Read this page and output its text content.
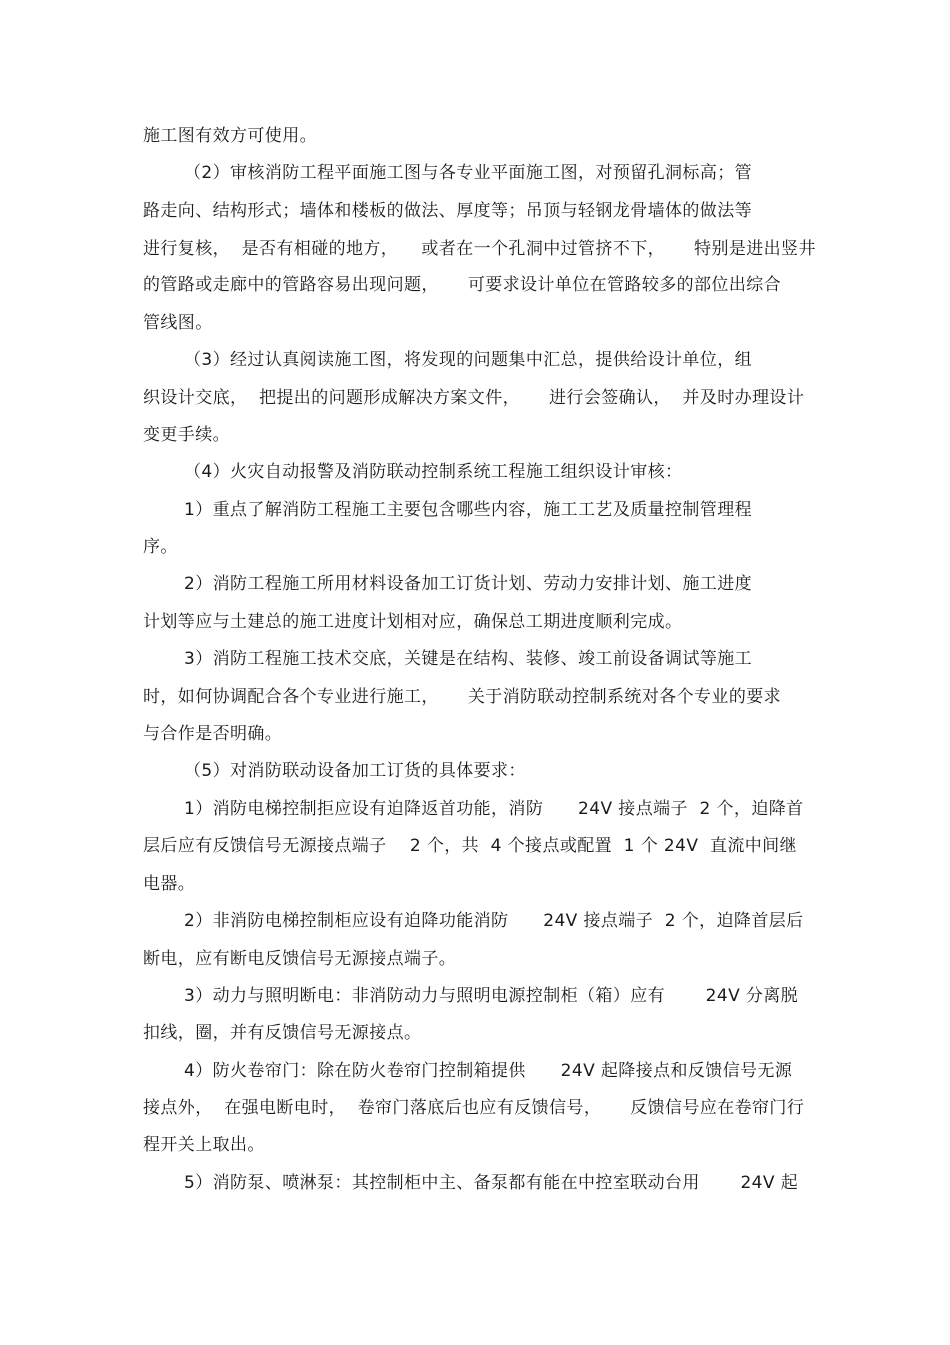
施工图有效方可使用。
（2）审核消防工程平面施工图与各专业平面施工图，对预留孔洞标高；管
路走向、结构形式；墙体和楼板的做法、厚度等；吊顶与轻钢龙骨墙体的做法等
进行复核，  是否有相碰的地方，    或者在一个孔洞中过管挤不下，     特别是进出竖井
的管路或走廊中的管路容易出现问题，     可要求设计单位在管路较多的部位出综合
管线图。
（3）经过认真阅读施工图，将发现的问题集中汇总，提供给设计单位，组
织设计交底，  把提出的问题形成解决方案文件，     进行会签确认，  并及时办理设计
变更手续。
（4）火灾自动报警及消防联动控制系统工程施工组织设计审核：
1）重点了解消防工程施工主要包含哪些内容，施工工艺及质量控制管理程
序。
2）消防工程施工所用材料设备加工订货计划、劳动力安排计划、施工进度
计划等应与土建总的施工进度计划相对应，确保总工期进度顺利完成。
3）消防工程施工技术交底，关键是在结构、装修、竣工前设备调试等施工
时，如何协调配合各个专业进行施工，     关于消防联动控制系统对各个专业的要求
与合作是否明确。
（5）对消防联动设备加工订货的具体要求：
1）消防电梯控制拒应设有迫降返首功能，消防      24V 接点端子  2 个，迫降首
层后应有反馈信号无源接点端子    2 个，共  4 个接点或配置  1 个 24V  直流中间继
电器。
2）非消防电梯控制柜应设有迫降功能消防      24V 接点端子  2 个，迫降首层后
断电，应有断电反馈信号无源接点端子。
3）动力与照明断电：非消防动力与照明电源控制柜（箱）应有       24V 分离脱
扣线，圈，并有反馈信号无源接点。
4）防火卷帘门：除在防火卷帘门控制箱提供      24V 起降接点和反馈信号无源
接点外，  在强电断电时，  卷帘门落底后也应有反馈信号，     反馈信号应在卷帘门行
程开关上取出。
5）消防泵、喷淋泵：其控制柜中主、备泵都有能在中控室联动台用       24V 起
